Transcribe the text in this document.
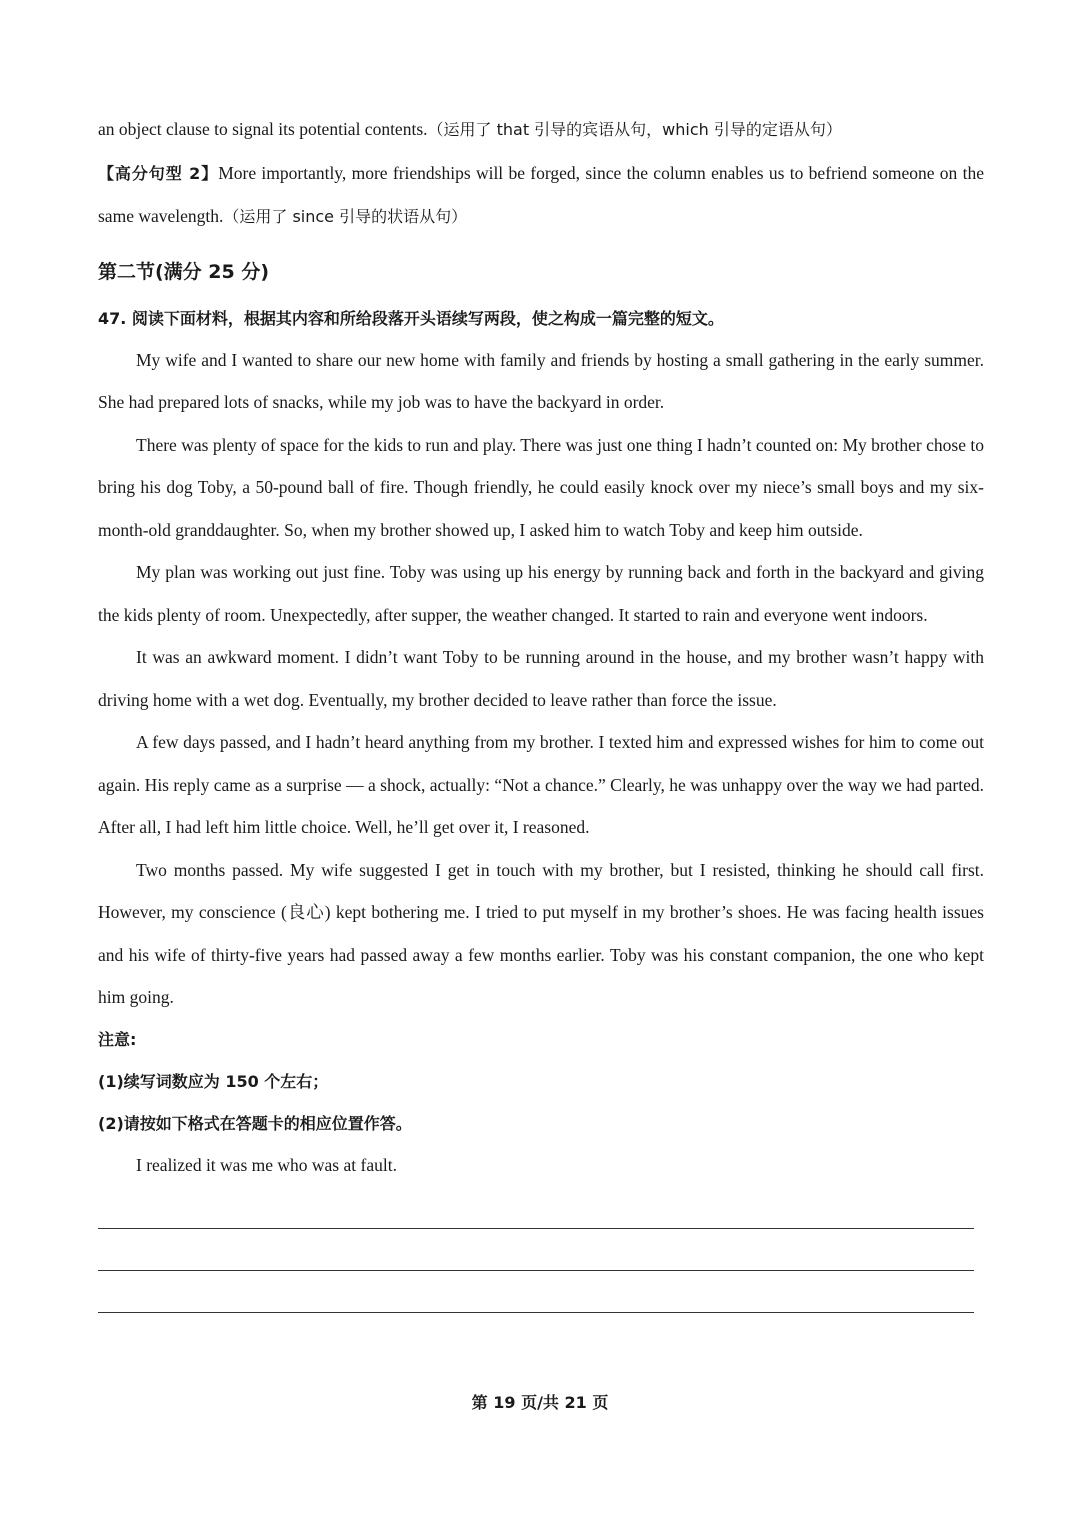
an object clause to signal its potential contents.（运用了 that 引导的宾语从句，which 引导的定语从句）

【高分句型 2】More importantly, more friendships will be forged, since the column enables us to befriend someone on the same wavelength.（运用了 since 引导的状语从句）

第二节(满分 25 分)
47. 阅读下面材料，根据其内容和所给段落开头语续写两段，使之构成一篇完整的短文。

My wife and I wanted to share our new home with family and friends by hosting a small gathering in the early summer. She had prepared lots of snacks, while my job was to have the backyard in order.

There was plenty of space for the kids to run and play. There was just one thing I hadn’t counted on: My brother chose to bring his dog Toby, a 50-pound ball of fire. Though friendly, he could easily knock over my niece’s small boys and my six-month-old granddaughter. So, when my brother showed up, I asked him to watch Toby and keep him outside.

My plan was working out just fine. Toby was using up his energy by running back and forth in the backyard and giving the kids plenty of room. Unexpectedly, after supper, the weather changed. It started to rain and everyone went indoors.

It was an awkward moment. I didn’t want Toby to be running around in the house, and my brother wasn’t happy with driving home with a wet dog. Eventually, my brother decided to leave rather than force the issue.

A few days passed, and I hadn’t heard anything from my brother. I texted him and expressed wishes for him to come out again. His reply came as a surprise — a shock, actually: “Not a chance.” Clearly, he was unhappy over the way we had parted. After all, I had left him little choice. Well, he’ll get over it, I reasoned.

Two months passed. My wife suggested I get in touch with my brother, but I resisted, thinking he should call first. However, my conscience (良心) kept bothering me. I tried to put myself in my brother’s shoes. He was facing health issues and his wife of thirty-five years had passed away a few months earlier. Toby was his constant companion, the one who kept him going.

注意:
(1)续写词数应为 150 个左右；
(2)请按如下格式在答题卡的相应位置作答。

I realized it was me who was at fault.

第 19 页/共 21 页
